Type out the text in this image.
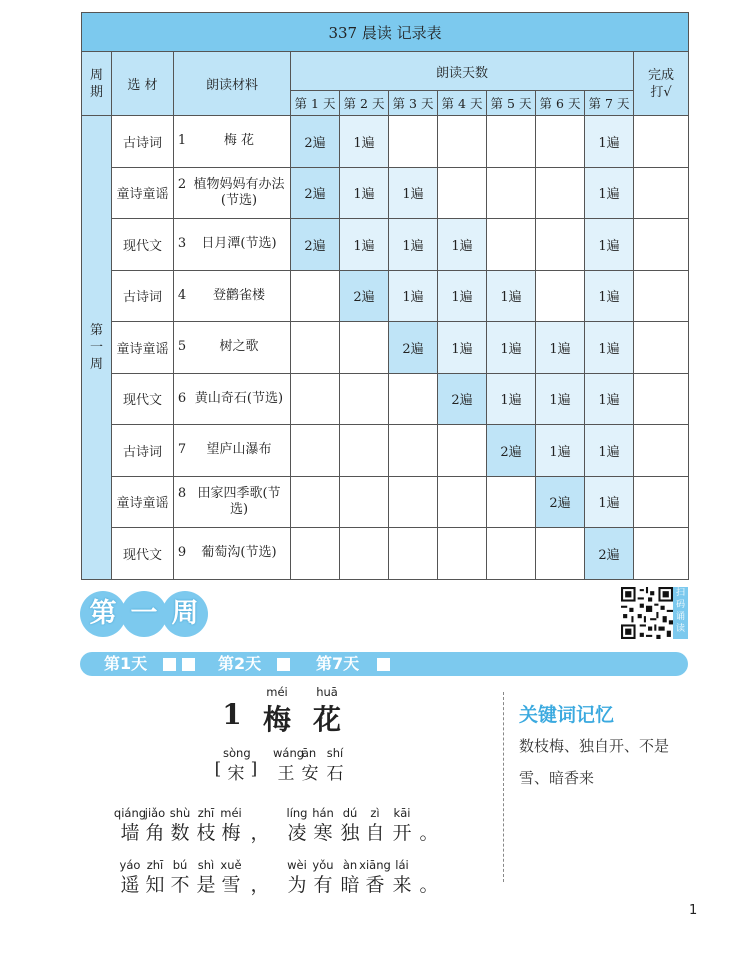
337 晨读 记录表										
周
期	选 材	朗读材料	朗读天数							完成
打√
			第 1 天	第 2 天	第 3 天	第 4 天	第 5 天	第 6 天	第 7 天	

第
一
周	古诗词	1 梅 花	2遍	1遍					1遍	
	童诗童谣	2 植物妈妈有办法(节选)	2遍	1遍	1遍				1遍	
	现代文	3 日月潭(节选)	2遍	1遍	1遍	1遍			1遍	
	古诗词	4 登鹳雀楼		2遍	1遍	1遍	1遍		1遍	
	童诗童谣	5 树之歌			2遍	1遍	1遍	1遍	1遍	
	现代文	6 黄山奇石(节选)				2遍	1遍	1遍	1遍	
	古诗词	7 望庐山瀑布					2遍	1遍	1遍	
	童诗童谣	8 田家四季歌(节选)						2遍	1遍	
	现代文	9 葡萄沟(节选)							2遍	
第 一 周
扫
码
诵
读
第1天	第2天	第7天
1
méi
梅
huā
花
sòng wáng
ān shí
[ 宋 ] 王 安 石
qiáng
墙
jiǎo
角
shù
数
zhī
枝
méi
梅 ，
líng
凌
hán
寒
dú
独
zì
自
kāi
开 。
yáo
遥
zhī
知
bú
不
shì
是
xuě
雪 ，
wèi
为
yǒu
有
àn
暗
xiāng
香
lái
来 。
关键词记忆
数枝梅、独自开、不是雪、暗香来
1
